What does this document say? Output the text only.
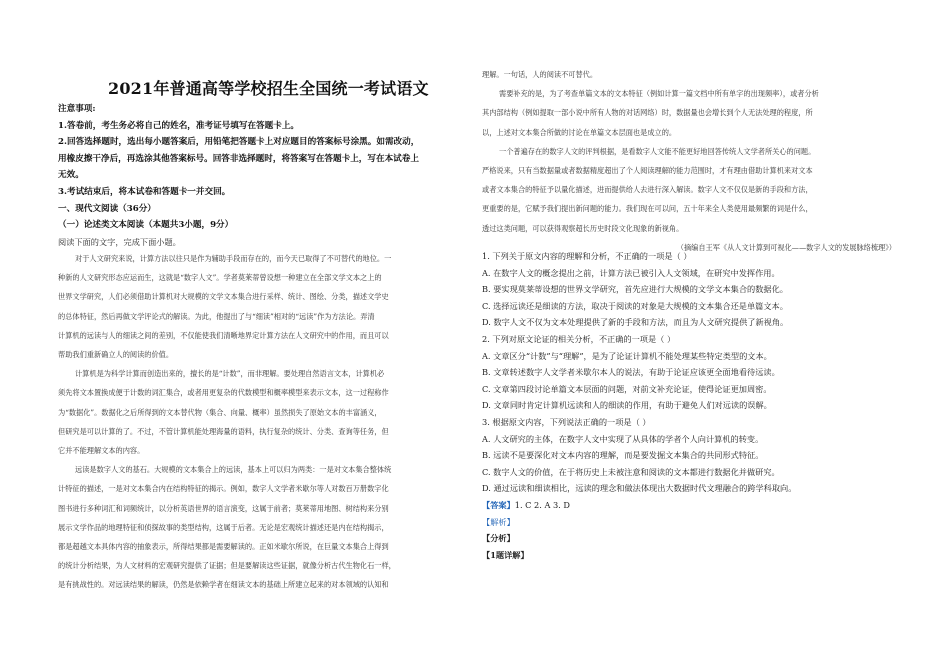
2021年普通高等学校招生全国统一考试语文

注意事项:

1.答卷前，考生务必将自己的姓名，准考证号填写在答题卡上。

2.回答选择题时，选出每小题答案后，用铅笔把答题卡上对应题目的答案标号涂黑。如需改动，

用橡皮擦干净后，再选涂其他答案标号。回答非选择题时，将答案写在答题卡上，写在本试卷上

无效。

3.考试结束后，将本试卷和答题卡一并交回。

一、现代文阅读（36分）

（一）论述类文本阅读（本题共3小题，9分）

阅读下面的文字，完成下面小题。

对于人文研究来说，计算方法以往只是作为辅助手段而存在的，而今天已取得了不可替代的地位。一

种新的人文研究形态应运而生，这就是“数字人文”。学者莫莱蒂曾设想一种建立在全部文学文本之上的

世界文学研究，人们必须借助计算机对大规模的文学文本集合进行采样、统计、图绘、分类，描述文学史

的总体特征，然后再做文学评论式的解读。为此，他提出了与“细读”相对的“远读”作为方法论。弄清

计算机的远读与人的细读之间的差别，不仅能使我们清晰地界定计算方法在人文研究中的作用，而且可以

帮助我们重新确立人的阅读的价值。

计算机是为科学计算而创造出来的，擅长的是“计数”，而非理解。要处理自然语言文本，计算机必

须先将文本置换成便于计数的词汇集合，或者用更复杂的代数模型和概率模型来表示文本，这一过程称作

为“数据化”。数据化之后所得到的文本替代物（集合、向量、概率）虽然损失了原始文本的丰富涵义，

但研究是可以计算的了。不过，不管计算机能处理海量的语料，执行复杂的统计、分类、查询等任务，但

它并不能理解文本的内容。

远读是数字人文的基石。大规模的文本集合上的远读，基本上可以归为两类：一是对文本集合整体统

计特征的描述，一是对文本集合内在结构特征的揭示。例如，数字人文学者米歇尔等人对数百万册数字化

图书进行多种词汇和词频统计，以分析英语世界的语言演变，这属于前者；莫莱蒂用地图、树结构来分别

展示文学作品的地理特征和侦探故事的类型结构，这属于后者。无论是宏观统计描述还是内在结构揭示，

都是超越文本具体内容的抽象表示，所得结果都是需要解读的。正如米歇尔所说，在巨量文本集合上得到

的统计分析结果，为人文材料的宏观研究提供了证据；但是要解读这些证据，就像分析古代生物化石一样，

是有挑战性的。对远读结果的解读，仍然是依赖学者在细读文本的基础上所建立起来的对本领域的认知和

理解。一句话，人的阅读不可替代。

需要补充的是，为了考查单篇文本的文本特征（例如计算一篇文档中所有单字的出现频率），或者分析

其内部结构（例如提取一部小说中所有人物的对话网络）时，数据量也会增长到个人无法处理的程度，所

以，上述对文本集合所做的讨论在单篇文本层面也是成立的。

一个普遍存在的数字人文的评判根据，是看数字人文能不能更好地回答传统人文学者所关心的问题。

严格说来，只有当数据量或者数据精度超出了个人阅读理解的能力范围时，才有理由借助计算机来对文本

或者文本集合的特征予以量化描述，进而提供给人去进行深入解读。数字人文不仅仅是新的手段和方法，

更重要的是，它赋予我们提出新问题的能力。我们现在可以问，五十年来全人类使用最频繁的词是什么，

透过这类问题，可以获得观察超长历史时段文化现象的新视角。

（摘编自王军《从人文计算到可视化——数字人文的发展脉络梳理》）

1. 下列关于原文内容的理解和分析，不正确的一项是（ ）

A. 在数字人文的概念提出之前，计算方法已被引入人文领域，在研究中发挥作用。

B. 要实现莫莱蒂设想的世界文学研究，首先应进行大规模的文学文本集合的数据化。

C. 选择远读还是细读的方法，取决于阅读的对象是大规模的文本集合还是单篇文本。

D. 数字人文不仅为文本处理提供了新的手段和方法，而且为人文研究提供了新视角。

2. 下列对原文论证的相关分析，不正确的一项是（ ）

A. 文章区分“计数”与“理解”，是为了论证计算机不能处理某些特定类型的文本。

B. 文章转述数字人文学者米歇尔本人的说法，有助于论证应该更全面地看待远读。

C. 文章第四段讨论单篇文本层面的问题，对前文补充论证，使得论证更加周密。

D. 文章同时肯定计算机远读和人的细读的作用，有助于避免人们对远读的误解。

3. 根据原文内容，下列说法正确的一项是（ ）

A. 人文研究的主体，在数字人文中实现了从具体的学者个人向计算机的转变。

B. 远读不是要深化对文本内容的理解，而是要发掘文本集合的共同形式特征。

C. 数字人文的价值，在于将历史上未被注意和阅读的文本都进行数据化并做研究。

D. 通过远读和细读相比，远读的理念和做法体现出大数据时代文理融合的跨学科取向。

【答案】1. C 2. A 3. D

【解析】

【分析】

【1题详解】
